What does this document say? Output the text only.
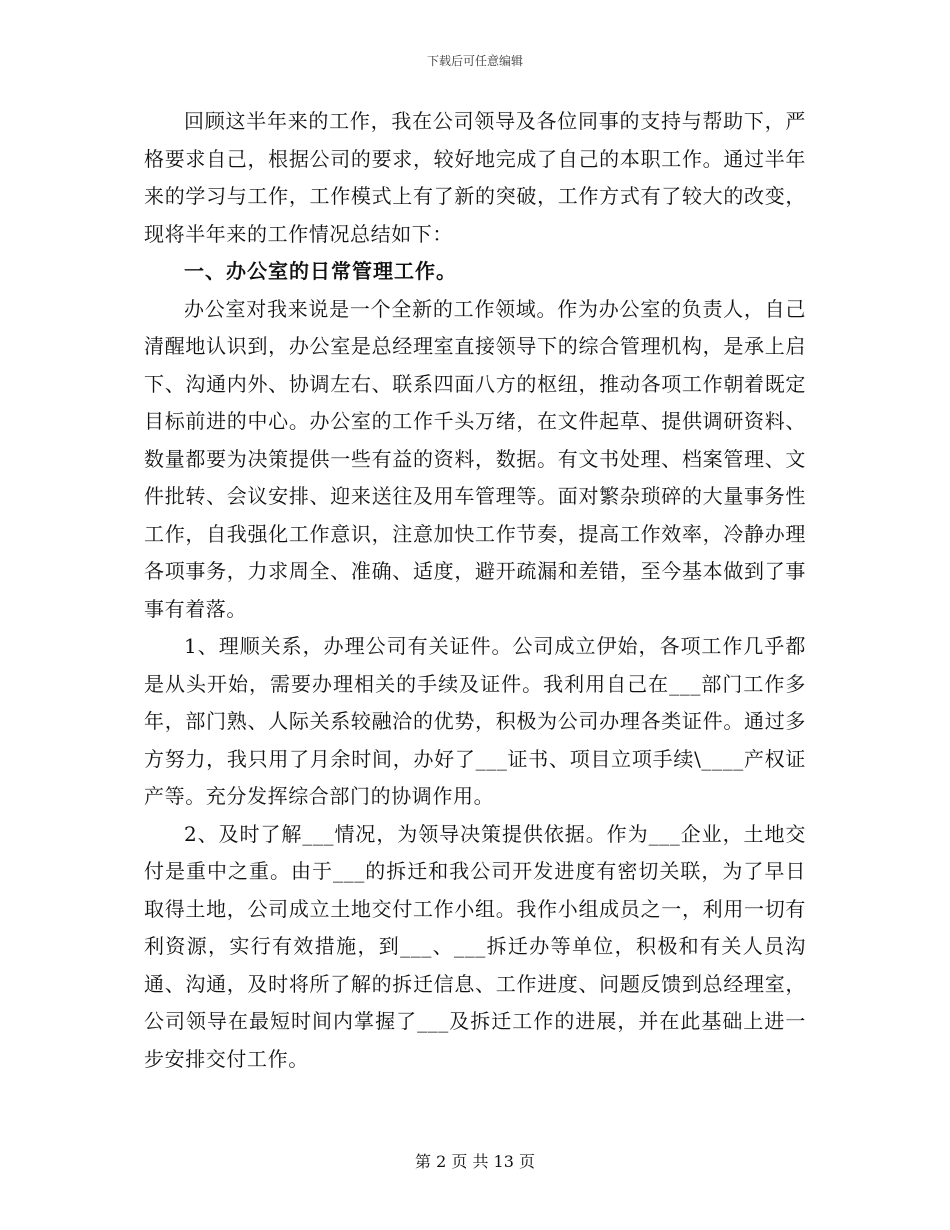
下载后可任意编辑

回顾这半年来的工作，我在公司领导及各位同事的支持与帮助下，严格要求自己，根据公司的要求，较好地完成了自己的本职工作。通过半年来的学习与工作，工作模式上有了新的突破，工作方式有了较大的改变，现将半年来的工作情况总结如下：

一、办公室的日常管理工作。

办公室对我来说是一个全新的工作领域。作为办公室的负责人，自己清醒地认识到，办公室是总经理室直接领导下的综合管理机构，是承上启下、沟通内外、协调左右、联系四面八方的枢纽，推动各项工作朝着既定目标前进的中心。办公室的工作千头万绪，在文件起草、提供调研资料、数量都要为决策提供一些有益的资料，数据。有文书处理、档案管理、文件批转、会议安排、迎来送往及用车管理等。面对繁杂琐碎的大量事务性工作，自我强化工作意识，注意加快工作节奏，提高工作效率，冷静办理各项事务，力求周全、准确、适度，避开疏漏和差错，至今基本做到了事事有着落。

1、理顺关系，办理公司有关证件。公司成立伊始，各项工作几乎都是从头开始，需要办理相关的手续及证件。我利用自己在___部门工作多年，部门熟、人际关系较融洽的优势，积极为公司办理各类证件。通过多方努力，我只用了月余时间，办好了___证书、项目立项手续\____产权证产等。充分发挥综合部门的协调作用。

2、及时了解___情况，为领导决策提供依据。作为___企业，土地交付是重中之重。由于___的拆迁和我公司开发进度有密切关联，为了早日取得土地，公司成立土地交付工作小组。我作小组成员之一，利用一切有利资源，实行有效措施，到___、___拆迁办等单位，积极和有关人员沟通、沟通，及时将所了解的拆迁信息、工作进度、问题反馈到总经理室，公司领导在最短时间内掌握了___及拆迁工作的进展，并在此基础上进一步安排交付工作。

第 2 页 共 13 页
